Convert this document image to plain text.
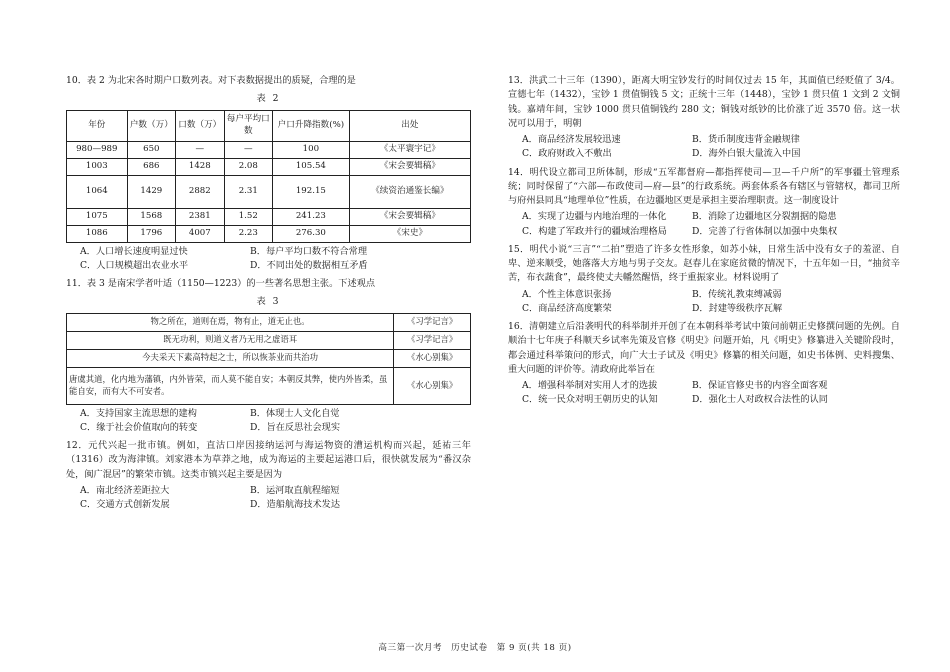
10．表 2 为北宋各时期户口数列表。对下表数据提出的质疑，合理的是

表 2
年份	户数（万）	口数（万）	每户平均口数	户口升降指数(%)	出处
980—989	650	—	—	100	《太平寰宇记》
1003	686	1428	2.08	105.54	《宋会要辑稿》
1064	1429	2882	2.31	192.15	《续资治通鉴长编》
1075	1568	2381	1.52	241.23	《宋会要辑稿》
1086	1796	4007	2.23	276.30	《宋史》
A．人口增长速度明显过快	B．每户平均口数不符合常理
C．人口规模超出农业水平	D．不同出处的数据相互矛盾

11．表 3 是南宋学者叶适（1150—1223）的一些著名思想主张。下述观点

表 3
物之所在，道则在焉，物有止，道无止也。	《习学记言》
既无功利，则道义者乃无用之虚语耳	《习学记言》
今夫采天下素高特起之士，所以恢茶业而共治功	《水心别集》
唐虞其道，化内地为藩镇，内外皆荣，而人莫不能自安；本朝反其弊，使内外皆柔，虽能自安，而有大不可安者。	《水心别集》
A．支持国家主流思想的建构	B．体现士人文化自觉
C．缘于社会价值取向的转变	D．旨在反思社会现实

12．元代兴起一批市镇。例如，直沽口岸因接纳运河与海运物资的漕运机构而兴起，延祐三年（1316）改为海津镇。刘家港本为草莽之地，成为海运的主要起运港口后，很快就发展为“番汉杂处，闽广混居”的繁荣市镇。这类市镇兴起主要是因为

A．南北经济差距拉大	B．运河取直航程缩短
C．交通方式创新发展	D．造船航海技术发达

13．洪武二十三年（1390），距离大明宝钞发行的时间仅过去 15 年，其面值已经贬值了 3/4。宣德七年（1432），宝钞 1 贯值铜钱 5 文；正统十三年（1448），宝钞 1 贯只值 1 文到 2 文铜钱。嘉靖年间，宝钞 1000 贯只值铜钱约 280 文；铜钱对纸钞的比价涨了近 3570 倍。这一状况可以用于，明朝

A．商品经济发展较迅速	B．货币制度违背金融规律
C．政府财政入不敷出	D．海外白银大量流入中国

14．明代设立都司卫所体制，形成“五军都督府—都指挥使司—卫—千户所”的军事疆土管理系统；同时保留了“六部—布政使司—府—县”的行政系统。两套体系各有辖区与管辖权，都司卫所与府州县同具“地理单位”性质，在边疆地区更是承担主要治理职责。这一制度设计

A．实现了边疆与内地治理的一体化	B．消除了边疆地区分裂割据的隐患
C．构建了军政并行的疆域治理格局	D．完善了行省体制以加强中央集权

15．明代小说“三言”“二拍”塑造了许多女性形象，如苏小妹，日常生活中没有女子的羞涩、自卑、逆来顺受，她落落大方地与男子交友。赵春儿在家庭贫微的情况下，十五年如一日，“抽贫辛苦，布衣蔬食”，最终使丈夫幡然醒悟，终于重振家业。材料说明了

A．个性主体意识张扬	B．传统礼教束缚减弱
C．商品经济高度繁荣	D．封建等级秩序瓦解

16．清朝建立后沿袭明代的科举制并开创了在本朝科举考试中策问前朝正史修撰问题的先例。自顺治十七年庚子科顺天乡试率先策及官修《明史》问题开始，凡《明史》修纂进入关键阶段时，都会通过科举策问的形式，向广大士子试及《明史》修纂的相关问题，如史书体例、史料搜集、重大问题的评价等。清政府此举旨在

A．增强科举制对实用人才的选拔	B．保证官修史书的内容全面客观
C．统一民众对明王朝历史的认知	D．强化士人对政权合法性的认同
高三第一次月考　历史试卷　第 9 页(共 18 页)
